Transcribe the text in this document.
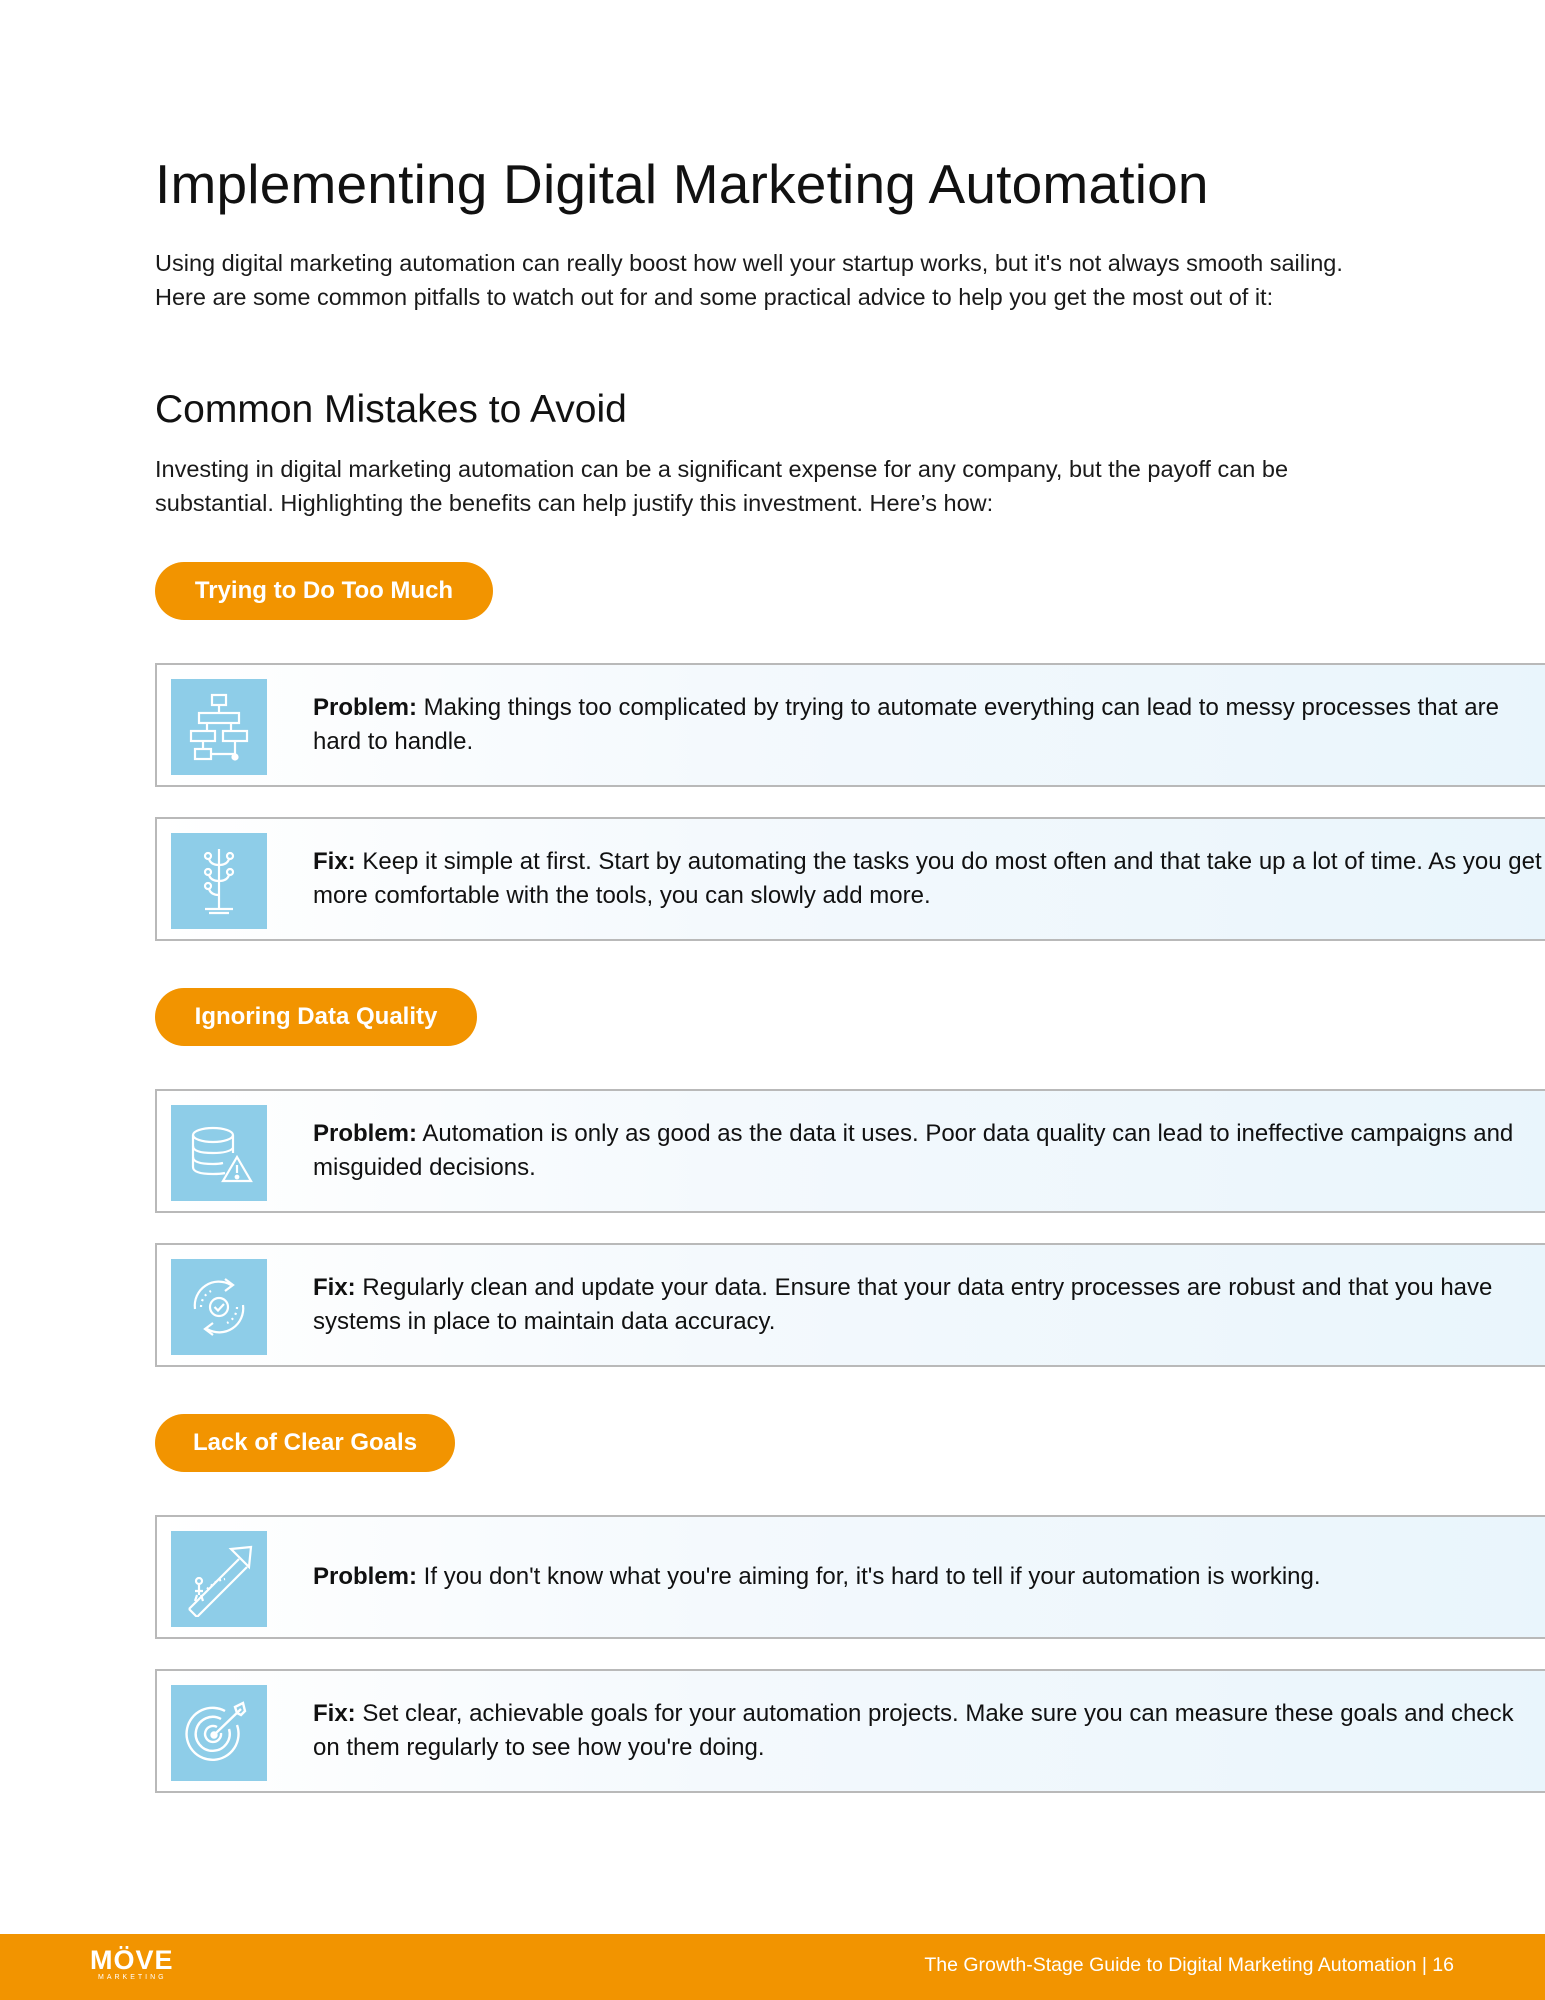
Implementing Digital Marketing Automation

Using digital marketing automation can really boost how well your startup works, but it's not always smooth sailing. Here are some common pitfalls to watch out for and some practical advice to help you get the most out of it:

Common Mistakes to Avoid

Investing in digital marketing automation can be a significant expense for any company, but the payoff can be substantial. Highlighting the benefits can help justify this investment. Here’s how:

Trying to Do Too Much
Problem: Making things too complicated by trying to automate everything can lead to messy processes that are hard to handle.
Fix: Keep it simple at first. Start by automating the tasks you do most often and that take up a lot of time. As you get more comfortable with the tools, you can slowly add more.
Ignoring Data Quality
Problem: Automation is only as good as the data it uses. Poor data quality can lead to ineffective campaigns and misguided decisions.
Fix: Regularly clean and update your data. Ensure that your data entry processes are robust and that you have systems in place to maintain data accuracy.
Lack of Clear Goals
Problem: If you don't know what you're aiming for, it's hard to tell if your automation is working.
Fix: Set clear, achievable goals for your automation projects. Make sure you can measure these goals and check on them regularly to see how you're doing.
MÖVE
MARKETING
The Growth-Stage Guide to Digital Marketing Automation | 16
